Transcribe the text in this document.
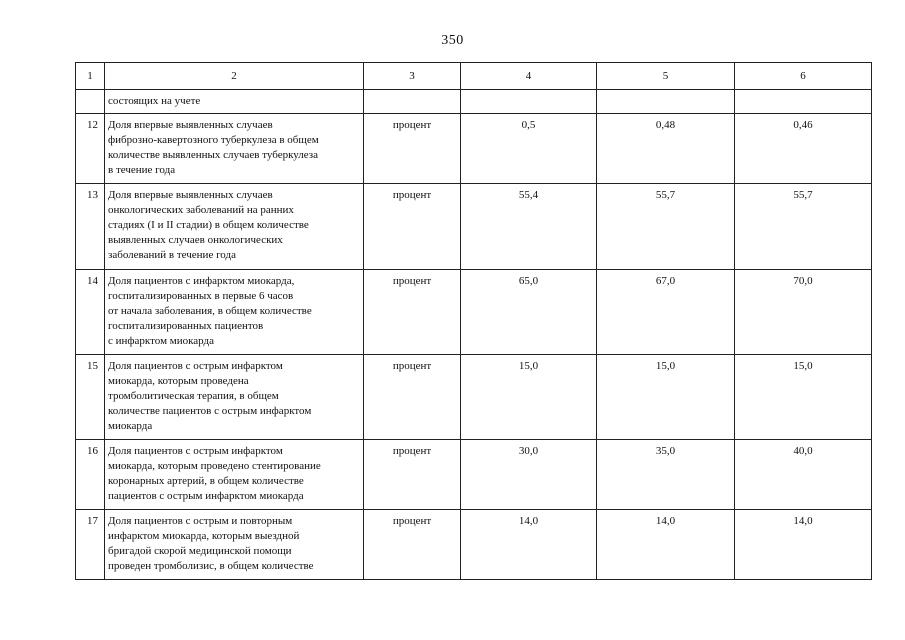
350
1	2	3	4	5	6
	состоящих на учете				
12	Доля впервые выявленных случаев
фиброзно-кавертозного туберкулеза в общем
количестве выявленных случаев туберкулеза
в течение года	процент	0,5	0,48	0,46
13	Доля впервые выявленных случаев
онкологических заболеваний на ранних
стадиях (I и II стадии) в общем количестве
выявленных случаев онкологических
заболеваний в течение года	процент	55,4	55,7	55,7
14	Доля пациентов с инфарктом миокарда,
госпитализированных в первые 6 часов
от начала заболевания, в общем количестве
госпитализированных пациентов
с инфарктом миокарда	процент	65,0	67,0	70,0
15	Доля пациентов с острым инфарктом
миокарда, которым проведена
тромболитическая терапия, в общем
количестве пациентов с острым инфарктом
миокарда	процент	15,0	15,0	15,0
16	Доля пациентов с острым инфарктом
миокарда, которым проведено стентирование
коронарных артерий, в общем количестве
пациентов с острым инфарктом миокарда	процент	30,0	35,0	40,0
17	Доля пациентов с острым и повторным
инфарктом миокарда, которым выездной
бригадой скорой медицинской помощи
проведен тромболизис, в общем количестве	процент	14,0	14,0	14,0
